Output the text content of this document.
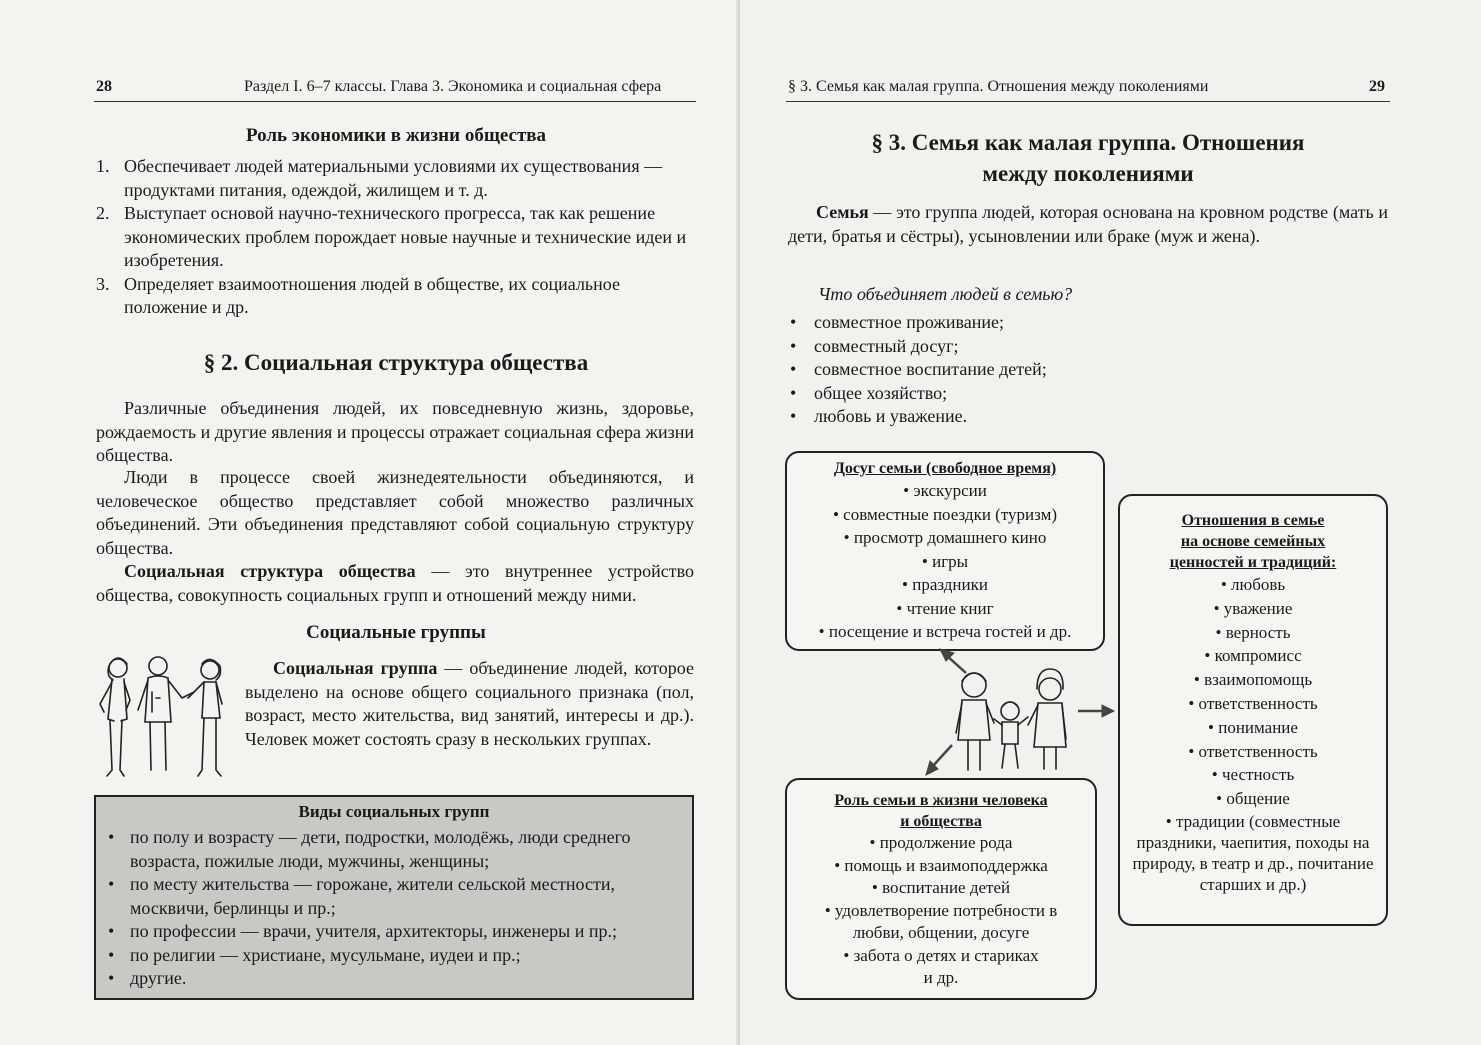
28	Раздел I. 6–7 классы. Глава 3. Экономика и социальная сфера
Роль экономики в жизни общества
1. Обеспечивает людей материальными условиями их существования — продуктами питания, одеждой, жилищем и т. д.
2. Выступает основой научно-технического прогресса, так как решение экономических проблем порождает новые научные и технические идеи и изобретения.
3. Определяет взаимоотношения людей в обществе, их социальное положение и др.
§ 2. Социальная структура общества

Различные объединения людей, их повседневную жизнь, здоровье, рождаемость и другие явления и процессы отражает социальная сфера жизни общества.

Люди в процессе своей жизнедеятельности объединяются, и человеческое общество представляет собой множество различных объединений. Эти объединения представляют собой социальную структуру общества.

Социальная структура общества — это внутреннее устройство общества, совокупность социальных групп и отношений между ними.

Социальные группы

Социальная группа — объединение людей, которое выделено на основе общего социального признака (пол, возраст, место жительства, вид занятий, интересы и др.). Человек может состоять сразу в нескольких группах.

Виды социальных групп
• по полу и возрасту — дети, подростки, молодёжь, люди среднего возраста, пожилые люди, мужчины, женщины;
• по месту жительства — горожане, жители сельской местности, москвичи, берлинцы и пр.;
• по профессии — врачи, учителя, архитекторы, инженеры и пр.;
• по религии — христиане, мусульмане, иудеи и пр.;
• другие.
§ 3. Семья как малая группа. Отношения между поколениями	29
§ 3. Семья как малая группа. Отношения
между поколениями

Семья — это группа людей, которая основана на кровном родстве (мать и дети, братья и сёстры), усыновлении или браке (муж и жена).

Что объединяет людей в семью?
• совместное проживание;
• совместный досуг;
• совместное воспитание детей;
• общее хозяйство;
• любовь и уважение.
Досуг семьи (свободное время)
• экскурсии
• совместные поездки (туризм)
• просмотр домашнего кино
• игры
• праздники
• чтение книг
• посещение и встреча гостей и др.
Отношения в семье
на основе семейных
ценностей и традиций:
• любовь
• уважение
• верность
• компромисс
• взаимопомощь
• ответственность
• понимание
• ответственность
• честность
• общение
• традиции (совместные праздники, чаепития, походы на природу, в театр и др., почитание старших и др.)
Роль семьи в жизни человека
и общества
• продолжение рода
• помощь и взаимоподдержка
• воспитание детей
• удовлетворение потребности в любви, общении, досуге
• забота о детях и стариках и др.
